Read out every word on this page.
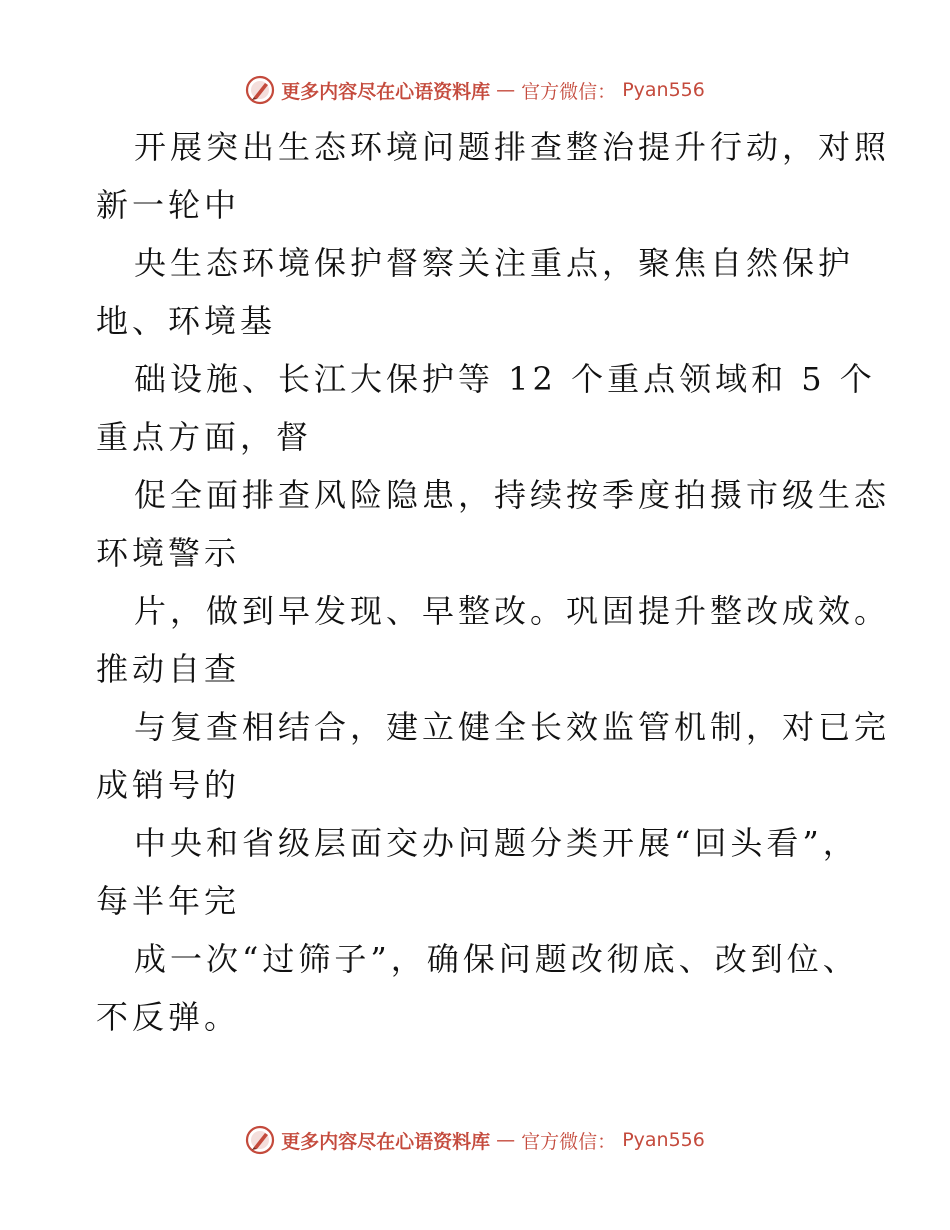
更多内容尽在心语资料库 — 官方微信： Pyan556
开展突出生态环境问题排查整治提升行动，对照
新一轮中
央生态环境保护督察关注重点，聚焦自然保护
地、环境基
础设施、长江大保护等 12 个重点领域和 5 个
重点方面，督
促全面排查风险隐患，持续按季度拍摄市级生态
环境警示
片，做到早发现、早整改。巩固提升整改成效。
推动自查
与复查相结合，建立健全长效监管机制，对已完
成销号的
中央和省级层面交办问题分类开展“回头看”，
每半年完
成一次“过筛子”，确保问题改彻底、改到位、
不反弹。
更多内容尽在心语资料库 — 官方微信： Pyan556
